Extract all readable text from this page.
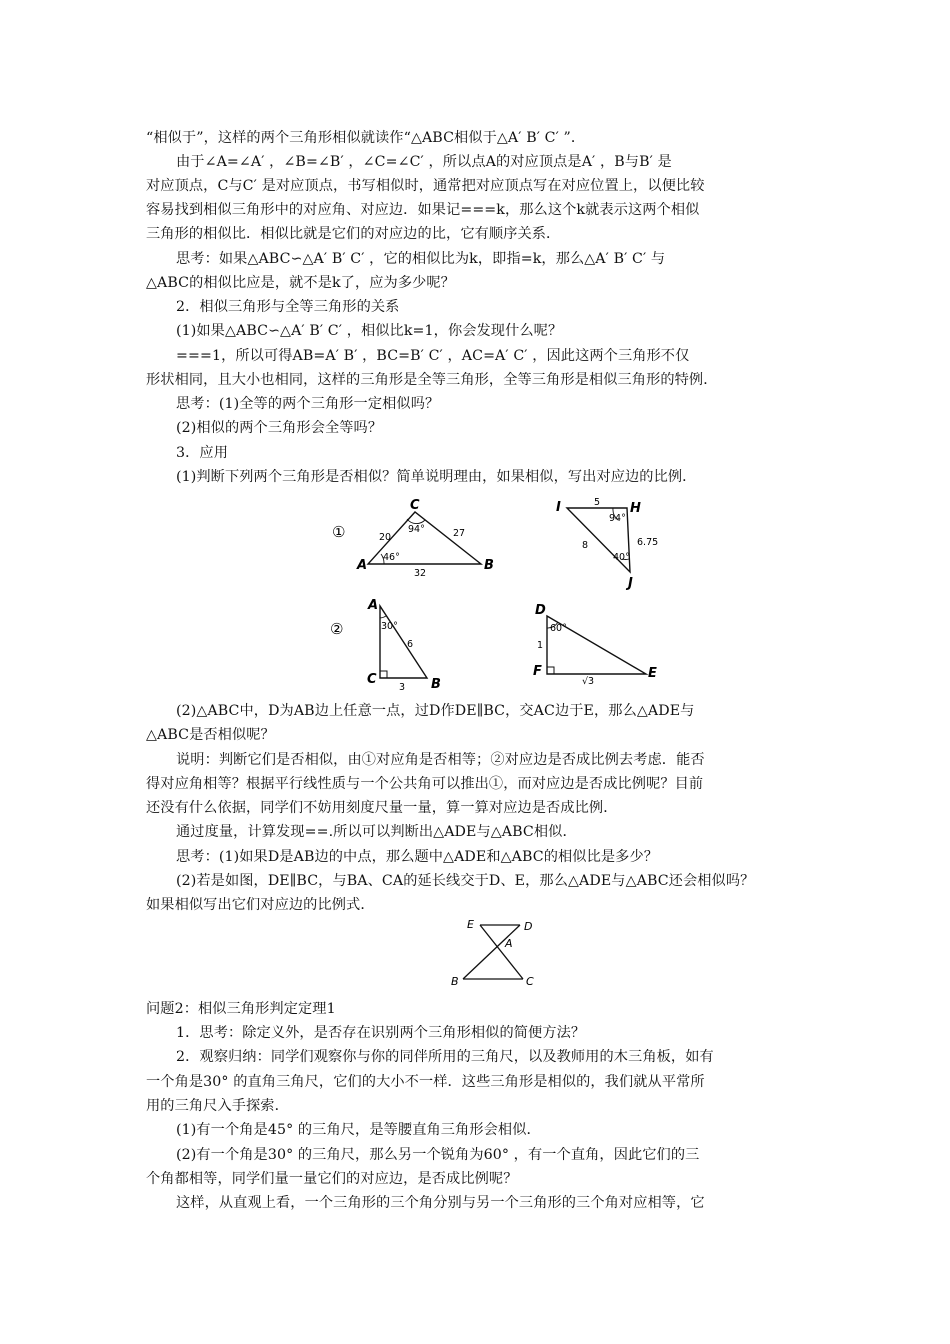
“相似于”，这样的两个三角形相似就读作“△ABC相似于△A′ B′ C′ ”．
由于∠A=∠A′ ，∠B=∠B′ ，∠C=∠C′ ，所以点A的对应顶点是A′ ，B与B′ 是
对应顶点，C与C′ 是对应顶点，书写相似时，通常把对应顶点写在对应位置上，以便比较
容易找到相似三角形中的对应角、对应边．如果记===k，那么这个k就表示这两个相似
三角形的相似比．相似比就是它们的对应边的比，它有顺序关系．
思考：如果△ABC∽△A′ B′ C′ ，它的相似比为k，即指=k，那么△A′ B′ C′ 与
△ABC的相似比应是，就不是k了，应为多少呢？
2．相似三角形与全等三角形的关系
(1)如果△ABC∽△A′ B′ C′ ，相似比k=1，你会发现什么呢？
===1，所以可得AB=A′ B′ ，BC=B′ C′ ，AC=A′ C′ ，因此这两个三角形不仅
形状相同，且大小也相同，这样的三角形是全等三角形，全等三角形是相似三角形的特例．
思考：(1)全等的两个三角形一定相似吗？
(2)相似的两个三角形会全等吗？
3．应用
(1)判断下列两个三角形是否相似？简单说明理由，如果相似，写出对应边的比例．
①
A	B
C
20	27
32
94°
46°
I	H
J
5
8	6.75
94°
40°
②
A
C	B
6
3
30°
D
F	E
1
√3
60°
(2)△ABC中，D为AB边上任意一点，过D作DE∥BC，交AC边于E，那么△ADE与
△ABC是否相似呢？
说明：判断它们是否相似，由①对应角是否相等；②对应边是否成比例去考虑．能否
得对应角相等？根据平行线性质与一个公共角可以推出①，而对应边是否成比例呢？目前
还没有什么依据，同学们不妨用刻度尺量一量，算一算对应边是否成比例．
通过度量，计算发现==.所以可以判断出△ADE与△ABC相似．
思考：(1)如果D是AB边的中点，那么题中△ADE和△ABC的相似比是多少？
(2)若是如图，DE∥BC，与BA、CA的延长线交于D、E，那么△ADE与△ABC还会相似吗？
如果相似写出它们对应边的比例式．
E	D
A
B	C
问题2：相似三角形判定定理1
1．思考：除定义外，是否存在识别两个三角形相似的简便方法？
2．观察归纳：同学们观察你与你的同伴所用的三角尺，以及教师用的木三角板，如有
一个角是30° 的直角三角尺，它们的大小不一样．这些三角形是相似的，我们就从平常所
用的三角尺入手探索．
(1)有一个角是45° 的三角尺，是等腰直角三角形会相似．
(2)有一个角是30° 的三角尺，那么另一个锐角为60° ，有一个直角，因此它们的三
个角都相等，同学们量一量它们的对应边，是否成比例呢？
这样，从直观上看，一个三角形的三个角分别与另一个三角形的三个角对应相等，它
